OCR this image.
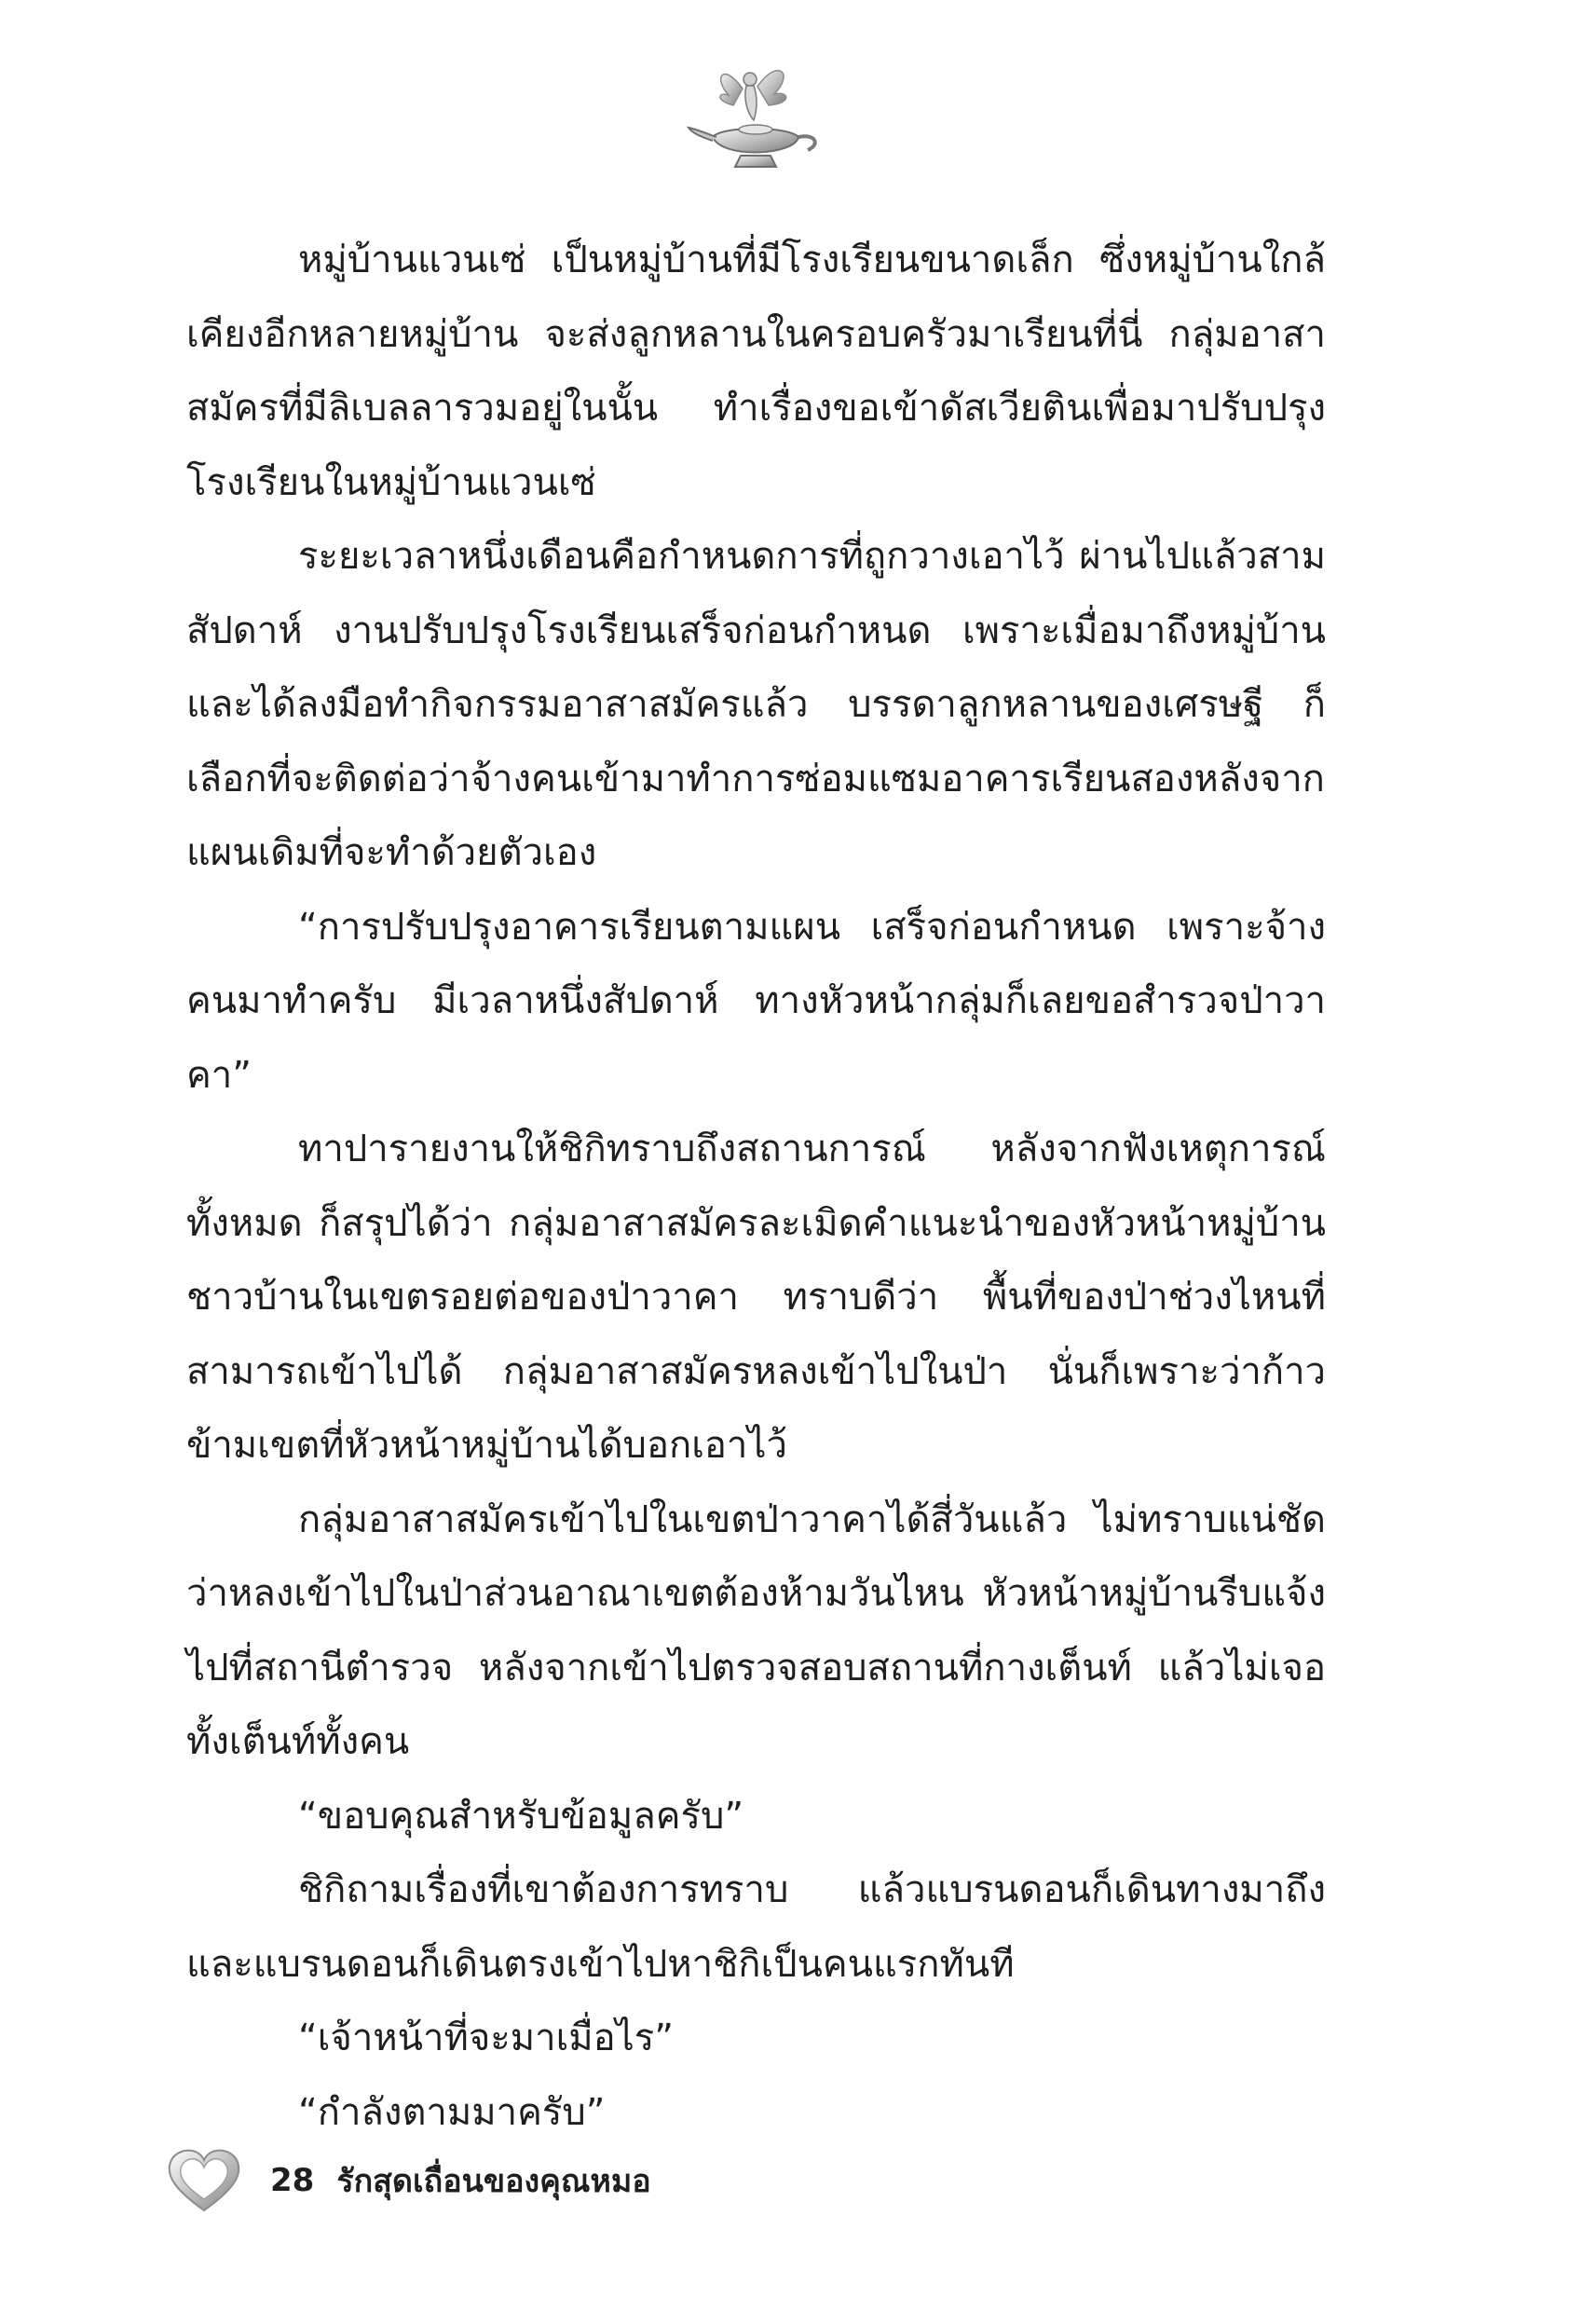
หมู่บ้านแวนเซ่ เป็นหมู่บ้านที่มีโรงเรียนขนาดเล็ก ซึ่งหมู่บ้านใกล้เคียงอีกหลายหมู่บ้าน จะส่งลูกหลานในครอบครัวมาเรียนที่นี่ กลุ่มอาสาสมัครที่มีลิเบลลารวมอยู่ในนั้น ทำเรื่องขอเข้าดัสเวียตินเพื่อมาปรับปรุงโรงเรียนในหมู่บ้านแวนเซ่

ระยะเวลาหนึ่งเดือนคือกำหนดการที่ถูกวางเอาไว้ ผ่านไปแล้วสามสัปดาห์ งานปรับปรุงโรงเรียนเสร็จก่อนกำหนด เพราะเมื่อมาถึงหมู่บ้านและได้ลงมือทำกิจกรรมอาสาสมัครแล้ว บรรดาลูกหลานของเศรษฐี ก็เลือกที่จะติดต่อว่าจ้างคนเข้ามาทำการซ่อมแซมอาคารเรียนสองหลังจากแผนเดิมที่จะทำด้วยตัวเอง

“การปรับปรุงอาคารเรียนตามแผน เสร็จก่อนกำหนด เพราะจ้างคนมาทำครับ มีเวลาหนึ่งสัปดาห์ ทางหัวหน้ากลุ่มก็เลยขอสำรวจป่าวาคา”

ทาปารายงานให้ชิกิทราบถึงสถานการณ์ หลังจากฟังเหตุการณ์ทั้งหมด ก็สรุปได้ว่า กลุ่มอาสาสมัครละเมิดคำแนะนำของหัวหน้าหมู่บ้านชาวบ้านในเขตรอยต่อของป่าวาคา ทราบดีว่า พื้นที่ของป่าช่วงไหนที่สามารถเข้าไปได้ กลุ่มอาสาสมัครหลงเข้าไปในป่า นั่นก็เพราะว่าก้าวข้ามเขตที่หัวหน้าหมู่บ้านได้บอกเอาไว้

กลุ่มอาสาสมัครเข้าไปในเขตป่าวาคาได้สี่วันแล้ว ไม่ทราบแน่ชัดว่าหลงเข้าไปในป่าส่วนอาณาเขตต้องห้ามวันไหน หัวหน้าหมู่บ้านรีบแจ้งไปที่สถานีตำรวจ หลังจากเข้าไปตรวจสอบสถานที่กางเต็นท์ แล้วไม่เจอทั้งเต็นท์ทั้งคน

“ขอบคุณสำหรับข้อมูลครับ”

ชิกิถามเรื่องที่เขาต้องการทราบ แล้วแบรนดอนก็เดินทางมาถึงและแบรนดอนก็เดินตรงเข้าไปหาชิกิเป็นคนแรกทันที

“เจ้าหน้าที่จะมาเมื่อไร”

“กำลังตามมาครับ”

28 รักสุดเถื่อนของคุณหมอ
